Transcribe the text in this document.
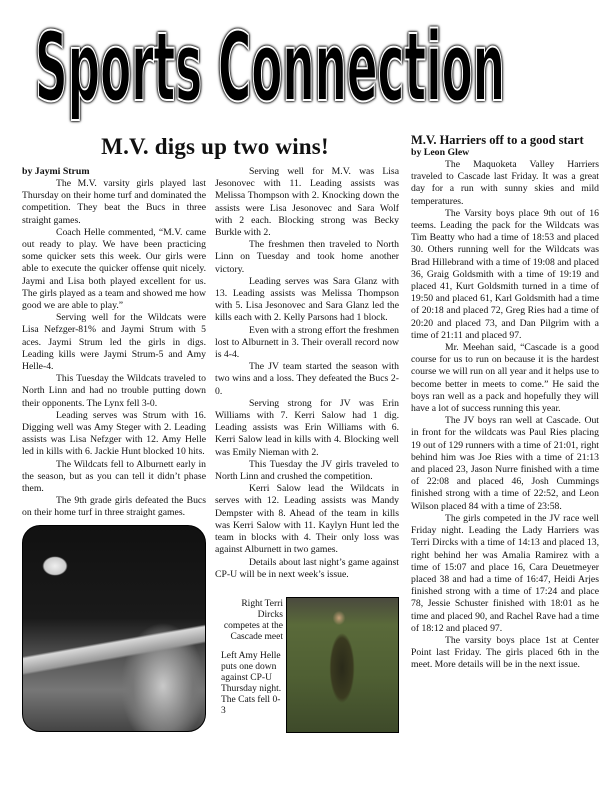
Sports Connection
M.V. digs up two wins!
by Jaymi Strum

The M.V. varsity girls played last Thursday on their home turf and dominated the competition. They beat the Bucs in three straight games.

Coach Helle commented, “M.V. came out ready to play. We have been practicing some quicker sets this week. Our girls were able to execute the quicker offense quit nicely. Jaymi and Lisa both played excellent for us. The girls played as a team and showed me how good we are able to play.”

Serving well for the Wildcats were Lisa Nefzger-81% and Jaymi Strum with 5 aces. Jaymi Strum led the girls in digs. Leading kills were Jaymi Strum-5 and Amy Helle-4.

This Tuesday the Wildcats traveled to North Linn and had no trouble putting down their opponents. The Lynx fell 3-0.

Leading serves was Strum with 16. Digging well was Amy Steger with 2. Leading assists was Lisa Nefzger with 12. Amy Helle led in kills with 6. Jackie Hunt blocked 10 hits.

The Wildcats fell to Alburnett early in the season, but as you can tell it didn’t phase them.

The 9th grade girls defeated the Bucs on their home turf in three straight games.

Serving well for M.V. was Lisa Jesonovec with 11. Leading assists was Melissa Thompson with 2. Knocking down the assists were Lisa Jesonovec and Sara Wolf with 2 each. Blocking strong was Becky Burkle with 2.

The freshmen then traveled to North Linn on Tuesday and took home another victory.

Leading serves was Sara Glanz with 13. Leading assists was Melissa Thompson with 5. Lisa Jesonovec and Sara Glanz led the kills each with 2. Kelly Parsons had 1 block.

Even with a strong effort the freshmen lost to Alburnett in 3. Their overall record now is 4-4.

The JV team started the season with two wins and a loss. They defeated the Bucs 2-0.

Serving strong for JV was Erin Williams with 7. Kerri Salow had 1 dig. Leading assists was Erin Williams with 6. Kerri Salow lead in kills with 4. Blocking well was Emily Nieman with 2.

This Tuesday the JV girls traveled to North Linn and crushed the competition.

Kerri Salow lead the Wildcats in serves with 12. Leading assists was Mandy Dempster with 8. Ahead of the team in kills was Kerri Salow with 11. Kaylyn Hunt led the team in blocks with 4. Their only loss was against Alburnett in two games.

Details about last night’s game against CP-U will be in next week’s issue.

Right Terri Dircks competes at the Cascade meet
Left Amy Helle puts one down against CP-U Thursday night. The Cats fell 0-3
M.V. Harriers off to a good start
by Leon Glew

The Maquoketa Valley Harriers traveled to Cascade last Friday. It was a great day for a run with sunny skies and mild temperatures.

The Varsity boys place 9th out of 16 teems. Leading the pack for the Wildcats was Tim Beatty who had a time of 18:53 and placed 30. Others running well for the Wildcats was Brad Hillebrand with a time of 19:08 and placed 36, Graig Goldsmith with a time of 19:19 and placed 41, Kurt Goldsmith turned in a time of 19:50 and placed 61, Karl Goldsmith had a time of 20:18 and placed 72, Greg Ries had a time of 20:20 and placed 73, and Dan Pilgrim with a time of 21:11 and placed 97.

Mr. Meehan said, “Cascade is a good course for us to run on because it is the hardest course we will run on all year and it helps use to become better in meets to come.” He said the boys ran well as a pack and hopefully they will have a lot of success running this year.

The JV boys ran well at Cascade. Out in front for the wildcats was Paul Ries placing 19 out of 129 runners with a time of 21:01, right behind him was Joe Ries with a time of 21:13 and placed 23, Jason Nurre finished with a time of 22:08 and placed 46, Josh Cummings finished strong with a time of 22:52, and Leon Wilson placed 84 with a time of 23:58.

The girls competed in the JV race well Friday night. Leading the Lady Harriers was Terri Dircks with a time of 14:13 and placed 13, right behind her was Amalia Ramirez with a time of 15:07 and place 16, Cara Deuetmeyer placed 38 and had a time of 16:47, Heidi Arjes finished strong with a time of 17:24 and place 78, Jessie Schuster finished with 18:01 as he time and placed 90, and Rachel Rave had a time of 18:12 and placed 97.

The varsity boys place 1st at Center Point last Friday. The girls placed 6th in the meet. More details will be in the next issue.
